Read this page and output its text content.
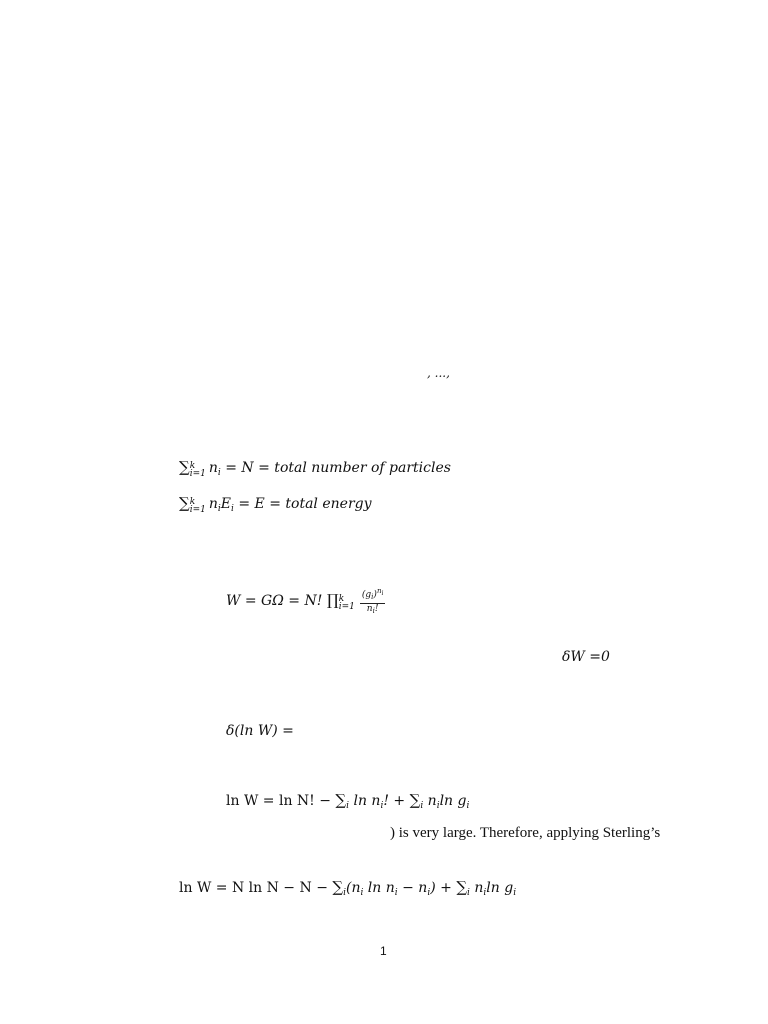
, ...,
∑ k
i=1 $n_i = N$ = total number of particles
∑ k
i=1 $n_iE_i = E$ = total energy
W = GΩ = N! ∏ k
$i=1 \frac{(g_i)^{ni}}{n_i!}$
δW =0
δ(ln W) =
ln W = ln N! − $\sum_i$ $\ln n_i$! + $\sum_i$ $n_i\ln$ $g_i$
) is very large. Therefore, applying Sterling’s
ln W = N $\ln N - N - \sum_i(n_i$ $\ln n_i - n_i) + \sum_i$ $n_i\ln$ $g_i$
1
